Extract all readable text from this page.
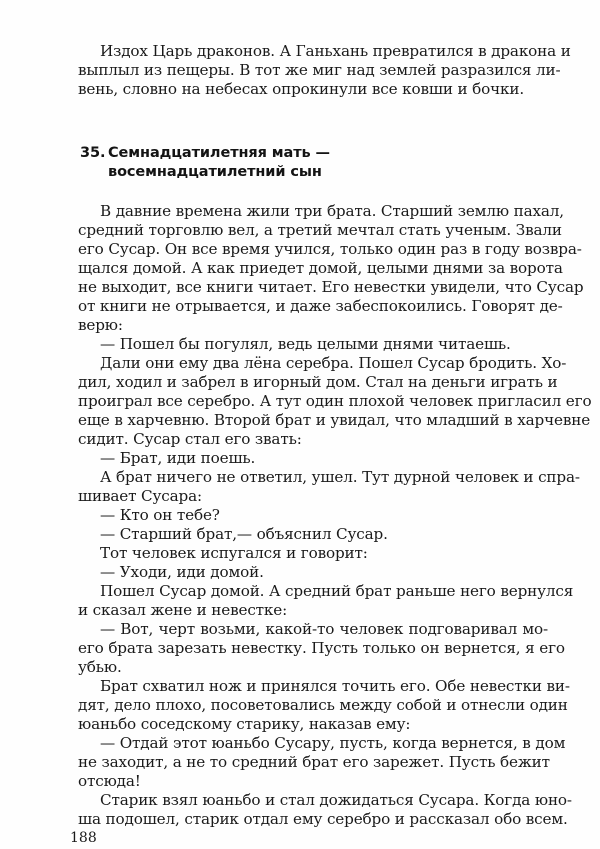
Издох Царь драконов. А Ганьхань превратился в дракона и
выплыл из пещеры. В тот же миг над землей разразился ли-
вень, словно на небесах опрокинули все ковши и бочки.
35. Семнадцатилетняя мать —
восемнадцатилетний сын
В давние времена жили три брата. Старший землю пахал,
средний торговлю вел, а третий мечтал стать ученым. Звали
его Сусар. Он все время учился, только один раз в году возвра-
щался домой. А как приедет домой, целыми днями за ворота
не выходит, все книги читает. Его невестки увидели, что Сусар
от книги не отрывается, и даже забеспокоились. Говорят де-
верю:
— Пошел бы погулял, ведь целыми днями читаешь.
Дали они ему два лёна серебра. Пошел Сусар бродить. Хо-
дил, ходил и забрел в игорный дом. Стал на деньги играть и
проиграл все серебро. А тут один плохой человек пригласил его
еще в харчевню. Второй брат и увидал, что младший в харчевне
сидит. Сусар стал его звать:
— Брат, иди поешь.
А брат ничего не ответил, ушел. Тут дурной человек и спра-
шивает Сусара:
— Кто он тебе?
— Старший брат,— объяснил Сусар.
Тот человек испугался и говорит:
— Уходи, иди домой.
Пошел Сусар домой. А средний брат раньше него вернулся
и сказал жене и невестке:
— Вот, черт возьми, какой-то человек подговаривал мо-
его брата зарезать невестку. Пусть только он вернется, я его
убью.
Брат схватил нож и принялся точить его. Обе невестки ви-
дят, дело плохо, посоветовались между собой и отнесли один
юаньбо соседскому старику, наказав ему:
— Отдай этот юаньбо Сусару, пусть, когда вернется, в дом
не заходит, а не то средний брат его зарежет. Пусть бежит
отсюда!
Старик взял юаньбо и стал дожидаться Сусара. Когда юно-
ша подошел, старик отдал ему серебро и рассказал обо всем.
188
